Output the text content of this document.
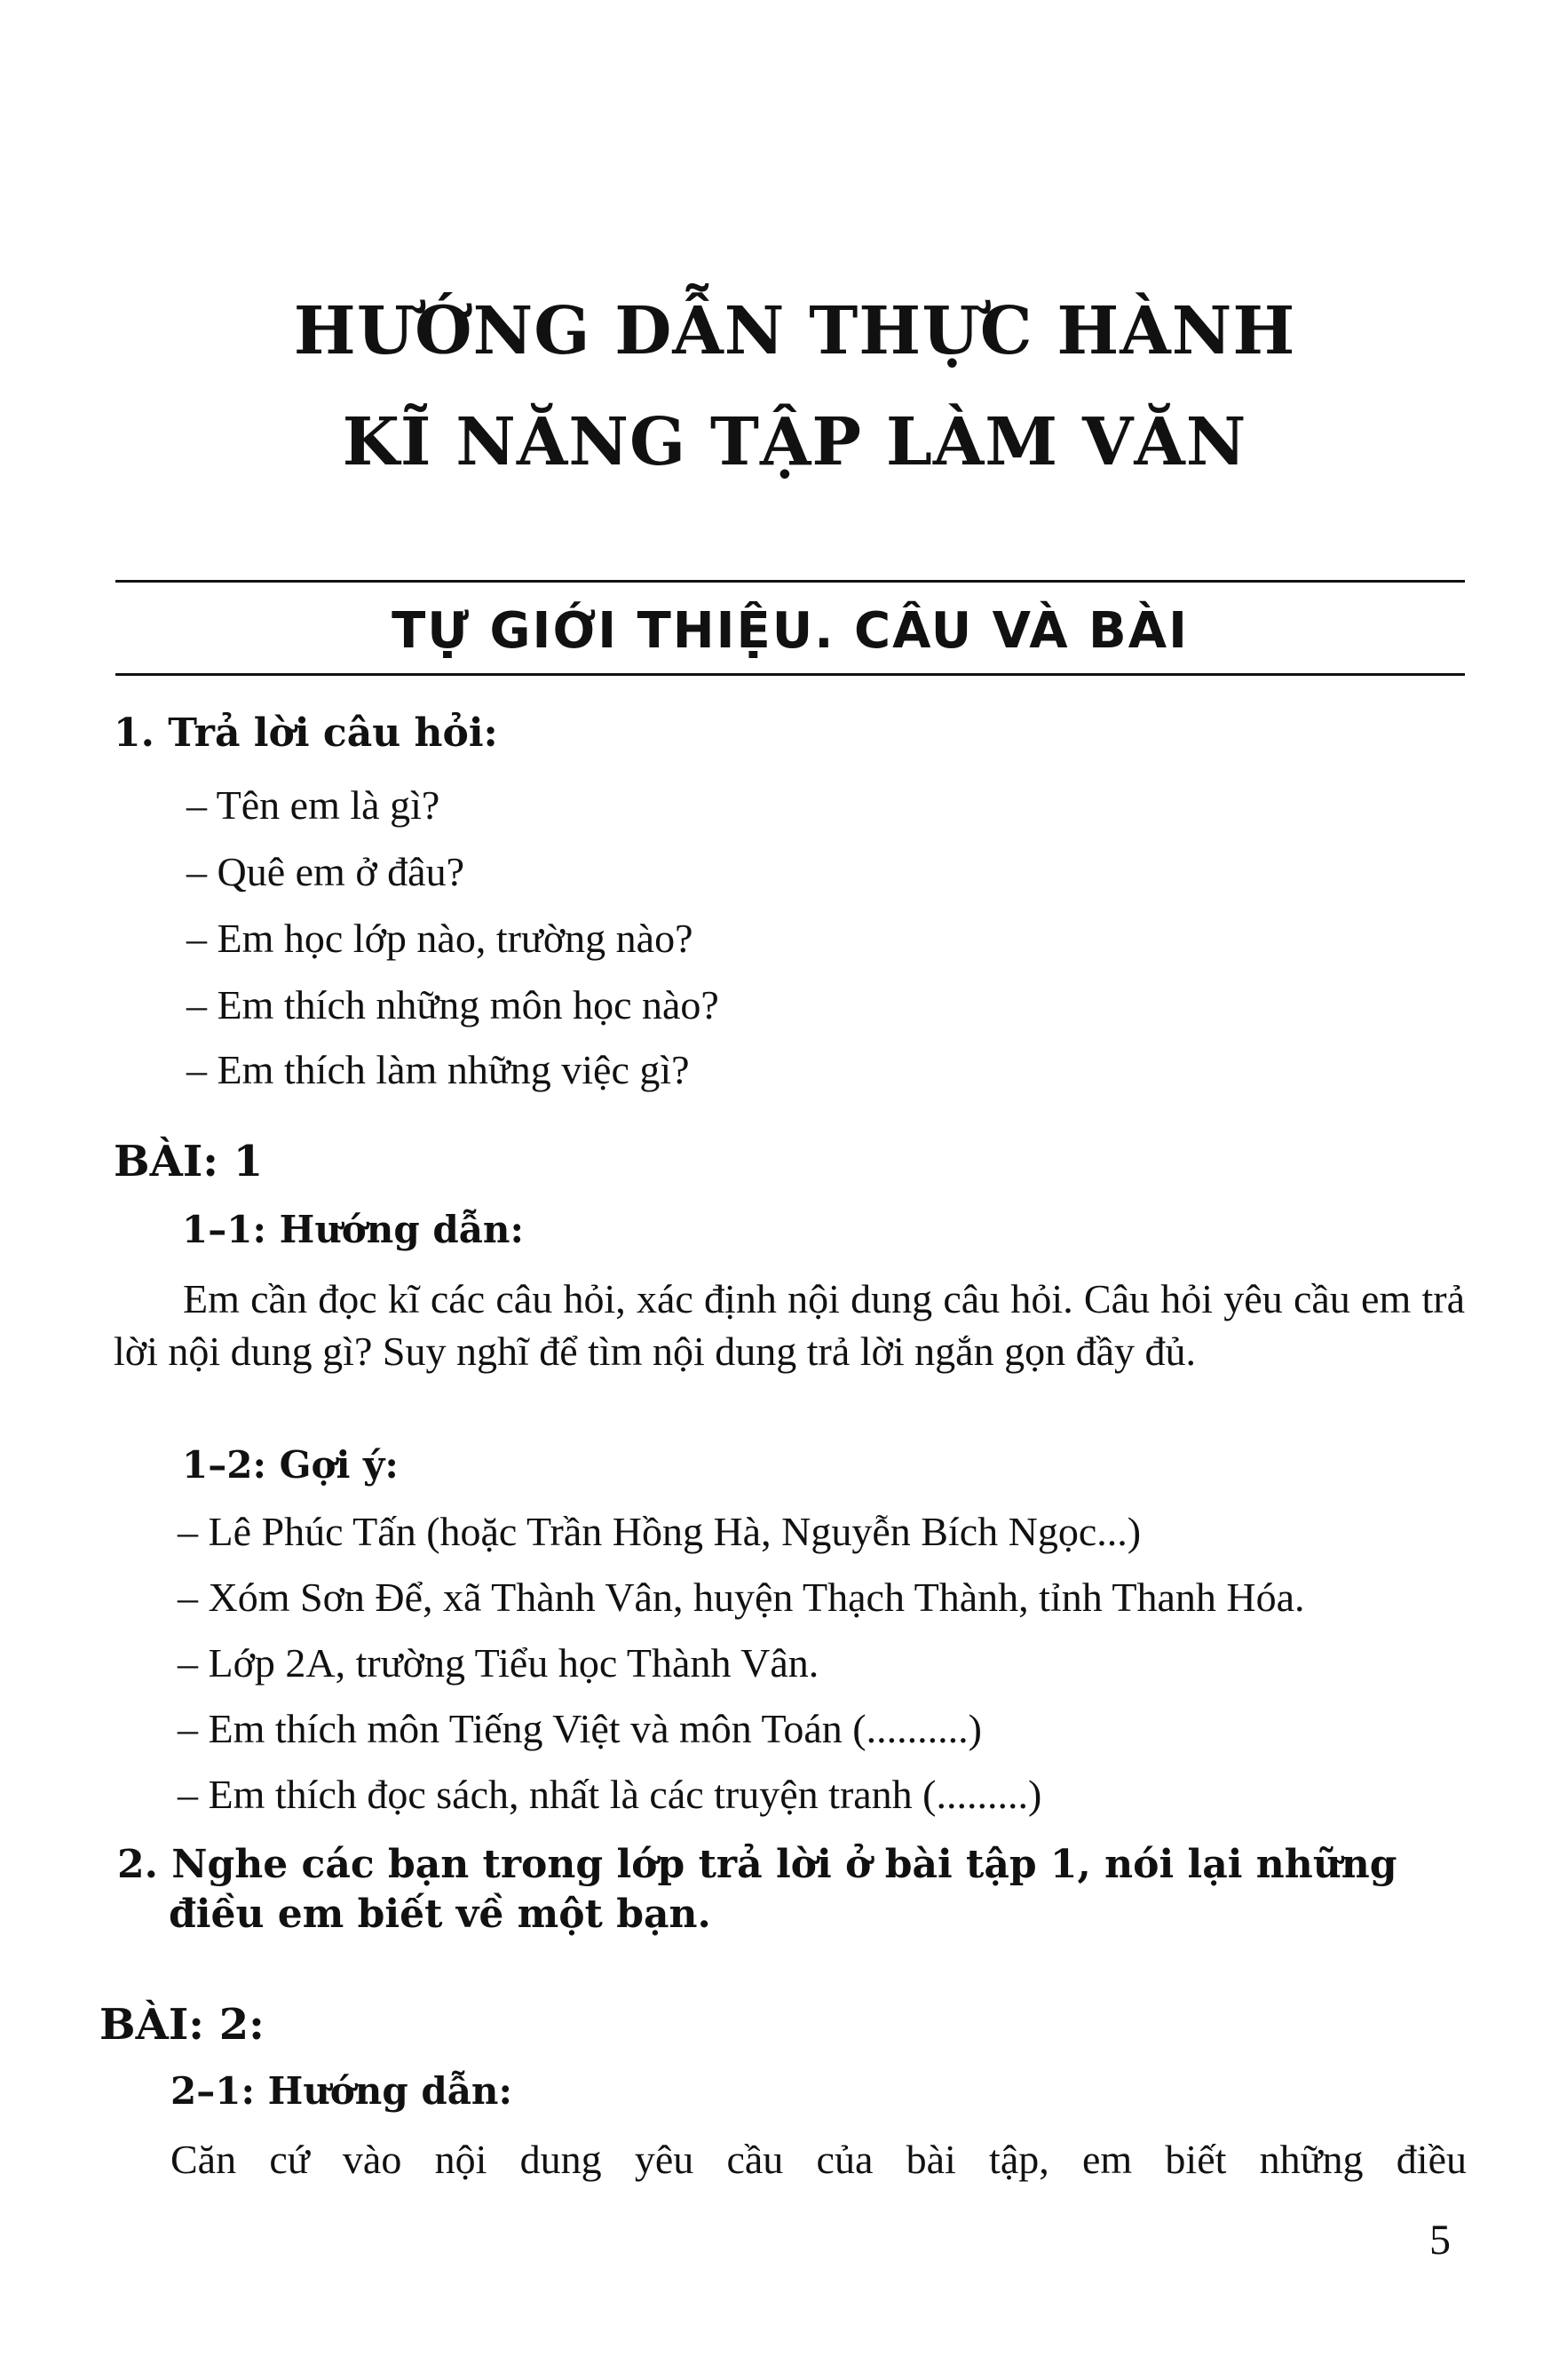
HƯỚNG DẪN THỰC HÀNH
KĨ NĂNG TẬP LÀM VĂN
TỰ GIỚI THIỆU. CÂU VÀ BÀI
1. Trả lời câu hỏi:
– Tên em là gì?
– Quê em ở đâu?
– Em học lớp nào, trường nào?
– Em thích những môn học nào?
– Em thích làm những việc gì?
BÀI: 1
1–1: Hướng dẫn:
Em cần đọc kĩ các câu hỏi, xác định nội dung câu hỏi. Câu hỏi yêu cầu em trả lời nội dung gì? Suy nghĩ để tìm nội dung trả lời ngắn gọn đầy đủ.
1–2: Gợi ý:
– Lê Phúc Tấn (hoặc Trần Hồng Hà, Nguyễn Bích Ngọc...)
– Xóm Sơn Để, xã Thành Vân, huyện Thạch Thành, tỉnh Thanh Hóa.
– Lớp 2A, trường Tiểu học Thành Vân.
– Em thích môn Tiếng Việt và môn Toán (..........)
– Em thích đọc sách, nhất là các truyện tranh (.........)
2. Nghe các bạn trong lớp trả lời ở bài tập 1, nói lại những điều em biết về một bạn.
BÀI: 2:
2–1: Hướng dẫn:
Căn cứ vào nội dung yêu cầu của bài tập, em biết những điều
5
